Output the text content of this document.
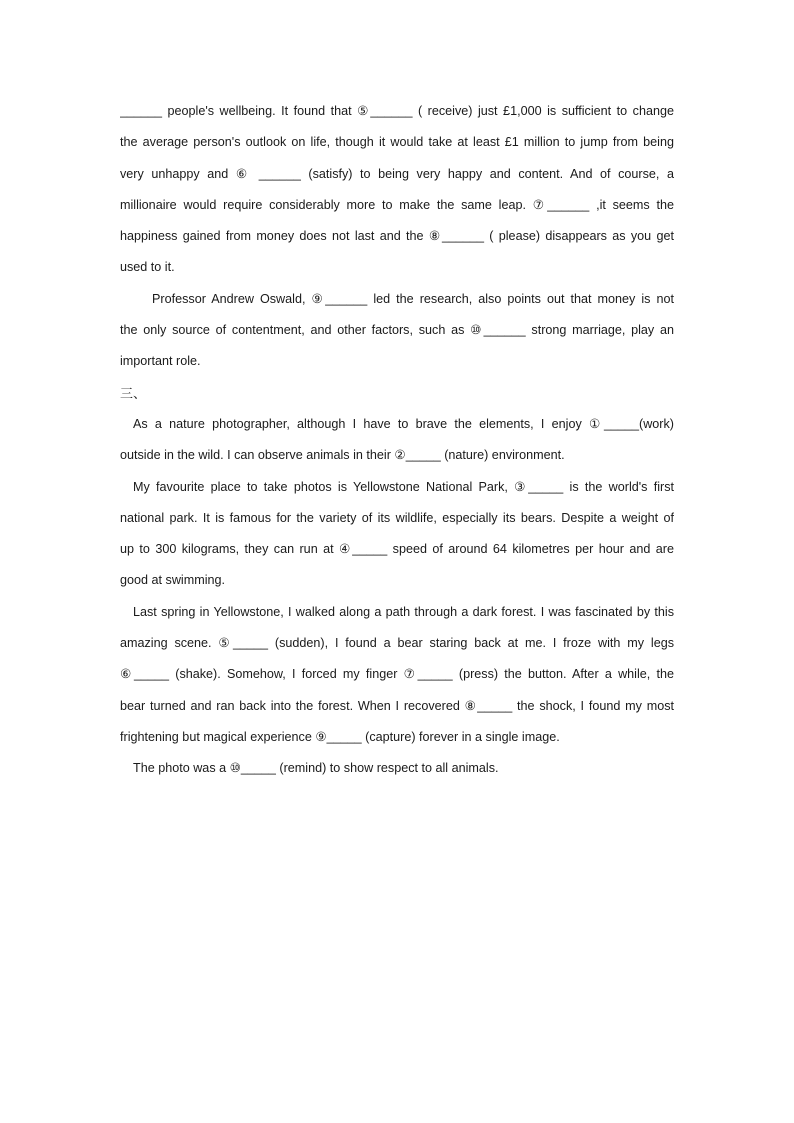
______ people's wellbeing. It found that ⑤______ ( receive) just £1,000 is sufficient to change
the average person's outlook on life, though it would take at least £1 million to jump from being
very unhappy and ⑥ ______ (satisfy) to being very happy and content. And of course, a
millionaire would require considerably more to make the same leap. ⑦______ ,it seems the
happiness gained from money does not last and the ⑧______ ( please) disappears as you get
used to it.
Professor Andrew Oswald, ⑨______ led the research, also points out that money is not
the only source of contentment, and other factors, such as ⑩______ strong marriage, play an
important role.
三、
As a nature photographer, although I have to brave the elements, I enjoy ①_____(work)
outside in the wild. I can observe animals in their ②_____ (nature) environment.
My favourite place to take photos is Yellowstone National Park, ③_____ is the world's first
national park. It is famous for the variety of its wildlife, especially its bears. Despite a weight of
up to 300 kilograms, they can run at ④_____ speed of around 64 kilometres per hour and are
good at swimming.
Last spring in Yellowstone, I walked along a path through a dark forest. I was fascinated by this
amazing scene. ⑤_____ (sudden), I found a bear staring back at me. I froze with my legs
⑥_____ (shake). Somehow, I forced my finger ⑦_____ (press) the button. After a while, the
bear turned and ran back into the forest. When I recovered ⑧_____ the shock, I found my most
frightening but magical experience ⑨_____ (capture) forever in a single image.
The photo was a ⑩_____ (remind) to show respect to all animals.
